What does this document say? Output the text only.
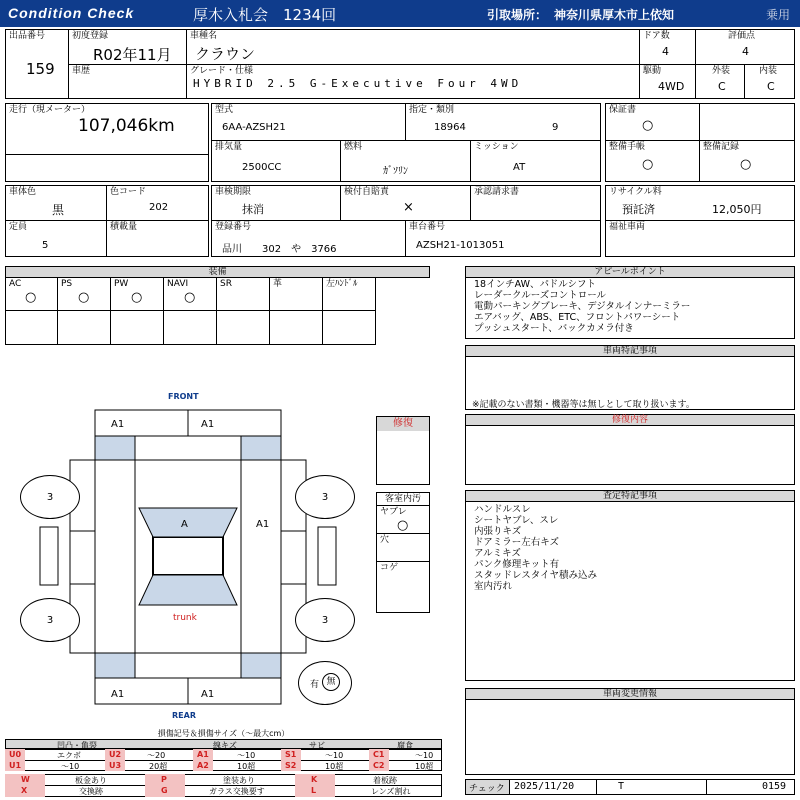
Condition Check	厚木入札会　1234回	引取場所： 神奈川県厚木市上依知	乗用
出品番号
159
初度登録
R02年11月
車歴
車種名
クラウン
グレード・仕様
HYBRID 2.5 G-Executive Four 4WD
ドア数
4
駆動
4WD
評価点
4
外装
C
内装
C
走行（現メーター）
107,046km
型式
6AA-AZSH21
指定・類別
18964	9
保証書
○
排気量
2500CC
燃料
ｶﾞｿﾘﾝ
ミッション
AT
整備手帳
○
整備記録
○
車体色
黒
色コード
202
車検期限
抹消
検付自賠責
×
承認請求書	リサイクル料
預託済	12,050円
定員
5
積載量	登録番号
品川　　302　や　3766
車台番号
AZSH21-1013051
福祉車両
装備
AC
○
PS
○
PW
○
NAVI
○
SR	革	左ﾊﾝﾄﾞﾙ
アピールポイント
18インチAW、パドルシフト
レーダークルーズコントロール
電動パーキングブレーキ、デジタルインナーミラー
エアバッグ、ABS、ETC、フロントパワーシート
プッシュスタート、バックカメラ付き
車両特記事項
※記載のない書類・機器等は無しとして取り扱います。
修復内容
査定特記事項
ハンドルスレ
シートヤブレ、スレ
内張りキズ
ドアミラー左右キズ
アルミキズ
パンク修理キット有
スタッドレスタイヤ積み込み
室内汚れ
車両変更情報
チェック 2025/11/20	T	0159
修復
客室内汚
ヤブレ
○
穴
コゲ
FRONT
REAR
A1	A1
A1	A1
A	A1
trunk
3	3
3	3
有 無
損傷記号＆損傷サイズ（〜最大cm）
凹凸・亀裂	線キズ	サビ	腐食
U0	エクボ
U1	〜10
U2	〜20
U3	20超
A1	〜10
A2	10超
S1	〜10
S2	10超
C1	〜10
C2	10超
W	板金あり
X	交換跡
P	塗装あり
G	ガラス交換要す
K	着板跡
L	レンズ割れ
